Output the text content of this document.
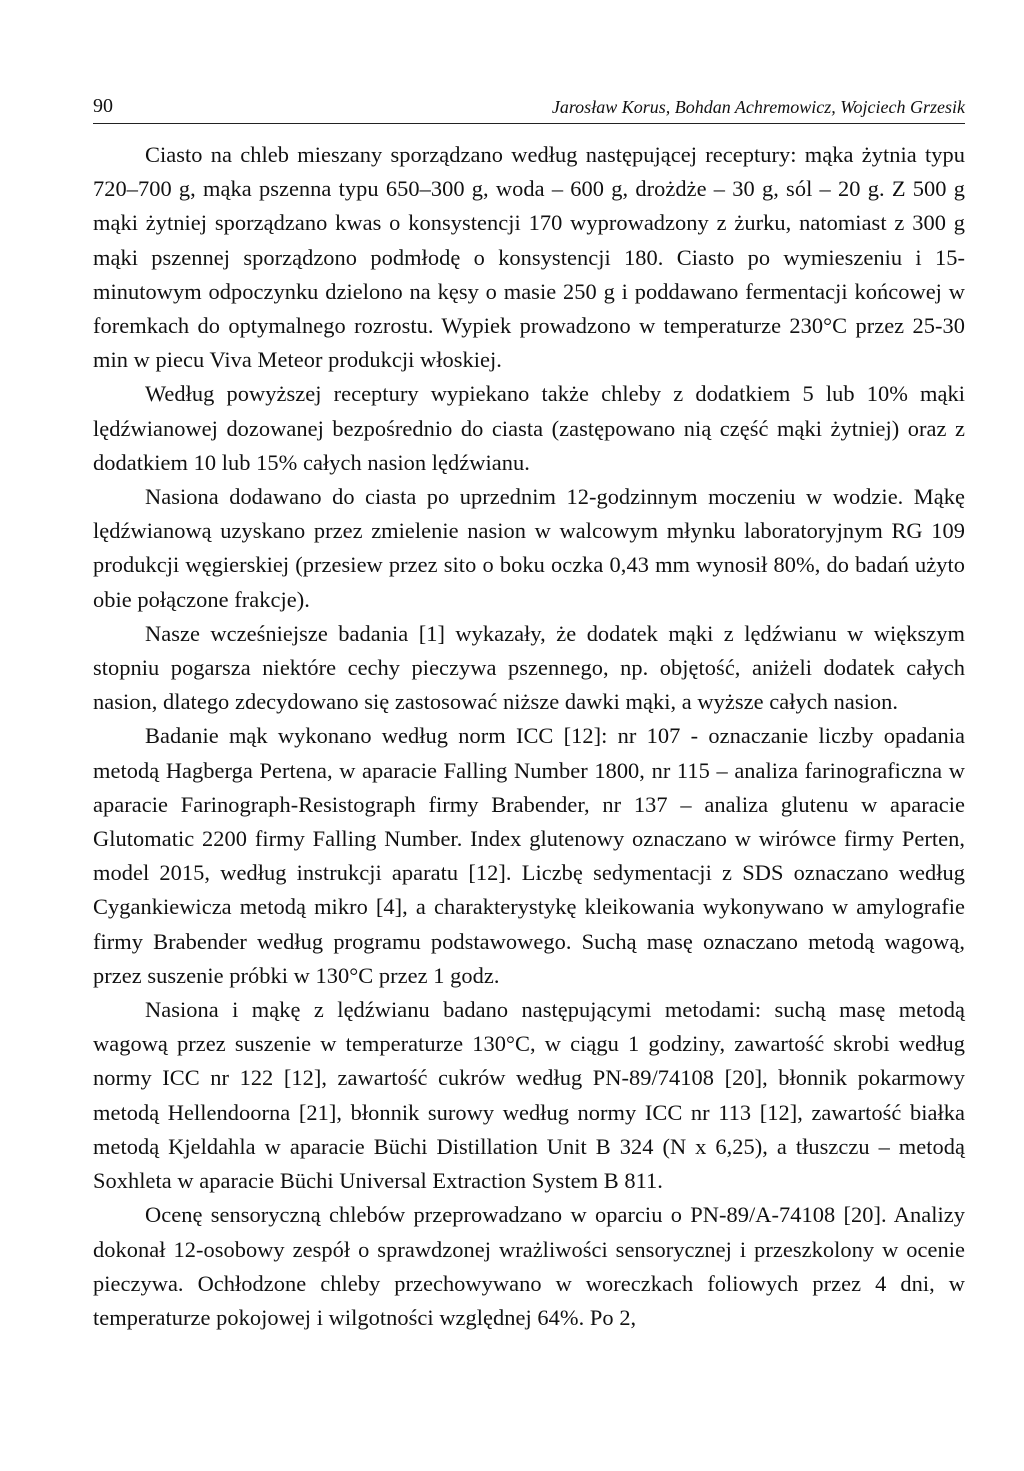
90	Jarosław Korus, Bohdan Achremowicz, Wojciech Grzesik

Ciasto na chleb mieszany sporządzano według następującej receptury: mąka żytnia typu 720–700 g, mąka pszenna typu 650–300 g, woda – 600 g, drożdże – 30 g, sól – 20 g. Z 500 g mąki żytniej sporządzano kwas o konsystencji 170 wyprowadzony z żurku, natomiast z 300 g mąki pszennej sporządzono podmłodę o konsystencji 180. Ciasto po wymieszeniu i 15-minutowym odpoczynku dzielono na kęsy o masie 250 g i poddawano fermentacji końcowej w foremkach do optymalnego rozrostu. Wypiek prowadzono w temperaturze 230°C przez 25-30 min w piecu Viva Meteor produkcji włoskiej.

Według powyższej receptury wypiekano także chleby z dodatkiem 5 lub 10% mąki lędźwianowej dozowanej bezpośrednio do ciasta (zastępowano nią część mąki żytniej) oraz z dodatkiem 10 lub 15% całych nasion lędźwianu.

Nasiona dodawano do ciasta po uprzednim 12-godzinnym moczeniu w wodzie. Mąkę lędźwianową uzyskano przez zmielenie nasion w walcowym młynku laboratoryjnym RG 109 produkcji węgierskiej (przesiew przez sito o boku oczka 0,43 mm wynosił 80%, do badań użyto obie połączone frakcje).

Nasze wcześniejsze badania [1] wykazały, że dodatek mąki z lędźwianu w większym stopniu pogarsza niektóre cechy pieczywa pszennego, np. objętość, aniżeli dodatek całych nasion, dlatego zdecydowano się zastosować niższe dawki mąki, a wyższe całych nasion.

Badanie mąk wykonano według norm ICC [12]: nr 107 - oznaczanie liczby opadania metodą Hagberga Pertena, w aparacie Falling Number 1800, nr 115 – analiza farinograficzna w aparacie Farinograph-Resistograph firmy Brabender, nr 137 – analiza glutenu w aparacie Glutomatic 2200 firmy Falling Number. Index glutenowy oznaczano w wirówce firmy Perten, model 2015, według instrukcji aparatu [12]. Liczbę sedymentacji z SDS oznaczano według Cygankiewicza metodą mikro [4], a charakterystykę kleikowania wykonywano w amylografie firmy Brabender według programu podstawowego. Suchą masę oznaczano metodą wagową, przez suszenie próbki w 130°C przez 1 godz.

Nasiona i mąkę z lędźwianu badano następującymi metodami: suchą masę metodą wagową przez suszenie w temperaturze 130°C, w ciągu 1 godziny, zawartość skrobi według normy ICC nr 122 [12], zawartość cukrów według PN-89/74108 [20], błonnik pokarmowy metodą Hellendoorna [21], błonnik surowy według normy ICC nr 113 [12], zawartość białka metodą Kjeldahla w aparacie Büchi Distillation Unit B 324 (N x 6,25), a tłuszczu – metodą Soxhleta w aparacie Büchi Universal Extraction System B 811.

Ocenę sensoryczną chlebów przeprowadzano w oparciu o PN-89/A-74108 [20]. Analizy dokonał 12-osobowy zespół o sprawdzonej wrażliwości sensorycznej i przeszkolony w ocenie pieczywa. Ochłodzone chleby przechowywano w woreczkach foliowych przez 4 dni, w temperaturze pokojowej i wilgotności względnej 64%. Po 2,
